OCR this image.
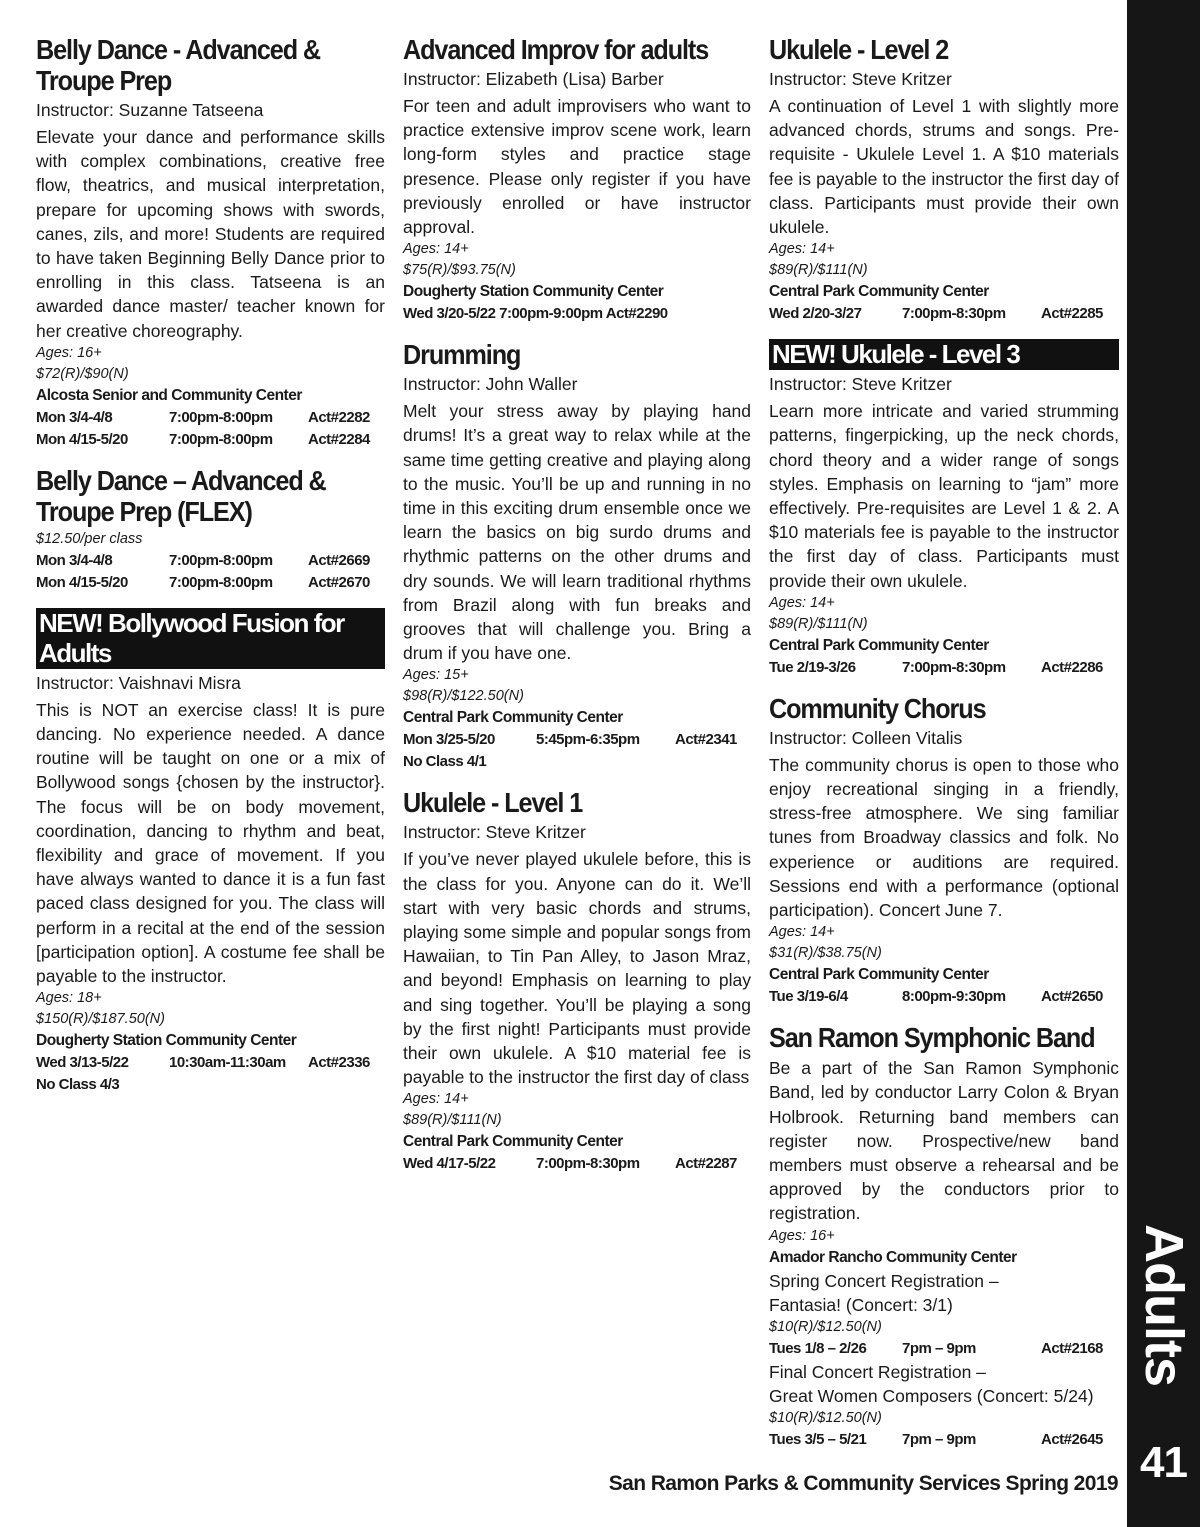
Belly Dance - Advanced & Troupe Prep
Instructor: Suzanne Tatseena
Elevate your dance and performance skills with complex combinations, creative free flow, theatrics, and musical interpretation, prepare for upcoming shows with swords, canes, zils, and more! Students are required to have taken Beginning Belly Dance prior to enrolling in this class. Tatseena is an awarded dance master/ teacher known for her creative choreography.
Ages: 16+
$72(R)/$90(N)
Alcosta Senior and Community Center
Mon 3/4-4/8	7:00pm-8:00pm	Act#2282
Mon 4/15-5/20	7:00pm-8:00pm	Act#2284
Belly Dance – Advanced & Troupe Prep (FLEX)
$12.50/per class
Mon 3/4-4/8	7:00pm-8:00pm	Act#2669
Mon 4/15-5/20	7:00pm-8:00pm	Act#2670
NEW! Bollywood Fusion for Adults
Instructor: Vaishnavi Misra
This is NOT an exercise class! It is pure dancing. No experience needed. A dance routine will be taught on one or a mix of Bollywood songs {chosen by the instructor}. The focus will be on body movement, coordination, dancing to rhythm and beat, flexibility and grace of movement. If you have always wanted to dance it is a fun fast paced class designed for you. The class will perform in a recital at the end of the session [participation option]. A costume fee shall be payable to the instructor.
Ages: 18+
$150(R)/$187.50(N)
Dougherty Station Community Center
Wed 3/13-5/22	10:30am-11:30am	Act#2336
No Class 4/3
Advanced Improv for adults
Instructor: Elizabeth (Lisa) Barber
For teen and adult improvisers who want to practice extensive improv scene work, learn long-form styles and practice stage presence. Please only register if you have previously enrolled or have instructor approval.
Ages: 14+
$75(R)/$93.75(N)
Dougherty Station Community Center
Wed 3/20-5/22 7:00pm-9:00pm Act#2290
Drumming
Instructor: John Waller
Melt your stress away by playing hand drums! It’s a great way to relax while at the same time getting creative and playing along to the music. You’ll be up and running in no time in this exciting drum ensemble once we learn the basics on big surdo drums and rhythmic patterns on the other drums and dry sounds. We will learn traditional rhythms from Brazil along with fun breaks and grooves that will challenge you. Bring a drum if you have one.
Ages: 15+
$98(R)/$122.50(N)
Central Park Community Center
Mon 3/25-5/20	5:45pm-6:35pm	Act#2341
No Class 4/1
Ukulele - Level 1
Instructor: Steve Kritzer
If you’ve never played ukulele before, this is the class for you. Anyone can do it. We’ll start with very basic chords and strums, playing some simple and popular songs from Hawaiian, to Tin Pan Alley, to Jason Mraz, and beyond! Emphasis on learning to play and sing together. You’ll be playing a song by the first night! Participants must provide their own ukulele. A $10 material fee is payable to the instructor the first day of class
Ages: 14+
$89(R)/$111(N)
Central Park Community Center
Wed 4/17-5/22	7:00pm-8:30pm	Act#2287
Ukulele - Level 2
Instructor: Steve Kritzer
A continuation of Level 1 with slightly more advanced chords, strums and songs. Pre-requisite - Ukulele Level 1. A $10 materials fee is payable to the instructor the first day of class. Participants must provide their own ukulele.
Ages: 14+
$89(R)/$111(N)
Central Park Community Center
Wed 2/20-3/27	7:00pm-8:30pm	Act#2285
NEW! Ukulele - Level 3
Instructor: Steve Kritzer
Learn more intricate and varied strumming patterns, fingerpicking, up the neck chords, chord theory and a wider range of songs styles. Emphasis on learning to “jam” more effectively. Pre-requisites are Level 1 & 2. A $10 materials fee is payable to the instructor the first day of class. Participants must provide their own ukulele.
Ages: 14+
$89(R)/$111(N)
Central Park Community Center
Tue 2/19-3/26	7:00pm-8:30pm	Act#2286
Community Chorus
Instructor: Colleen Vitalis
The community chorus is open to those who enjoy recreational singing in a friendly, stress-free atmosphere. We sing familiar tunes from Broadway classics and folk. No experience or auditions are required. Sessions end with a performance (optional participation). Concert June 7.
Ages: 14+
$31(R)/$38.75(N)
Central Park Community Center
Tue 3/19-6/4	8:00pm-9:30pm	Act#2650
San Ramon Symphonic Band
Be a part of the San Ramon Symphonic Band, led by conductor Larry Colon & Bryan Holbrook. Returning band members can register now. Prospective/new band members must observe a rehearsal and be approved by the conductors prior to registration.
Ages: 16+
Amador Rancho Community Center
Spring Concert Registration –
Fantasia! (Concert: 3/1)
$10(R)/$12.50(N)
Tues 1/8 – 2/26	7pm – 9pm	Act#2168
Final Concert Registration –
Great Women Composers (Concert: 5/24)
$10(R)/$12.50(N)
Tues 3/5 – 5/21	7pm – 9pm	Act#2645
Adults
41
San Ramon Parks & Community Services Spring 2019
